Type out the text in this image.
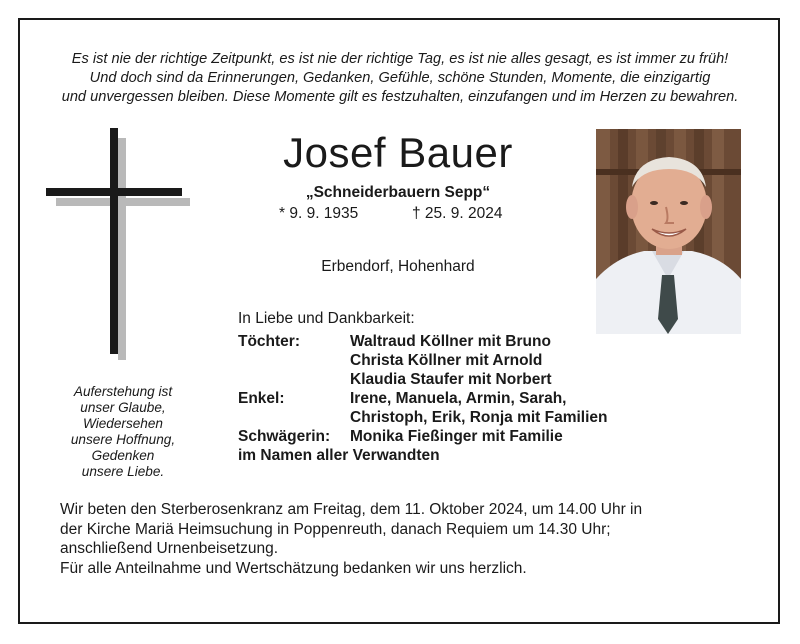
Es ist nie der richtige Zeitpunkt, es ist nie der richtige Tag, es ist nie alles gesagt, es ist immer zu früh!
Und doch sind da Erinnerungen, Gedanken, Gefühle, schöne Stunden, Momente, die einzigartig
und unvergessen bleiben. Diese Momente gilt es festzuhalten, einzufangen und im Herzen zu bewahren.
Auferstehung ist
unser Glaube,
Wiedersehen
unsere Hoffnung,
Gedenken
unsere Liebe.
Josef Bauer
„Schneiderbauern Sepp“
* 9. 9. 1935	† 25. 9. 2024
Erbendorf, Hohenhard
In Liebe und Dankbarkeit:
Töchter:	Waltraud Köllner mit Bruno
Christa Köllner mit Arnold
Klaudia Staufer mit Norbert
Enkel:	Irene, Manuela, Armin, Sarah,
Christoph, Erik, Ronja mit Familien
Schwägerin: Monika Fießinger mit Familie
im Namen aller Verwandten
Wir beten den Sterberosenkranz am Freitag, dem 11. Oktober 2024, um 14.00 Uhr in
der Kirche Mariä Heimsuchung in Poppenreuth, danach Requiem um 14.30 Uhr;
anschließend Urnenbeisetzung.
Für alle Anteilnahme und Wertschätzung bedanken wir uns herzlich.
